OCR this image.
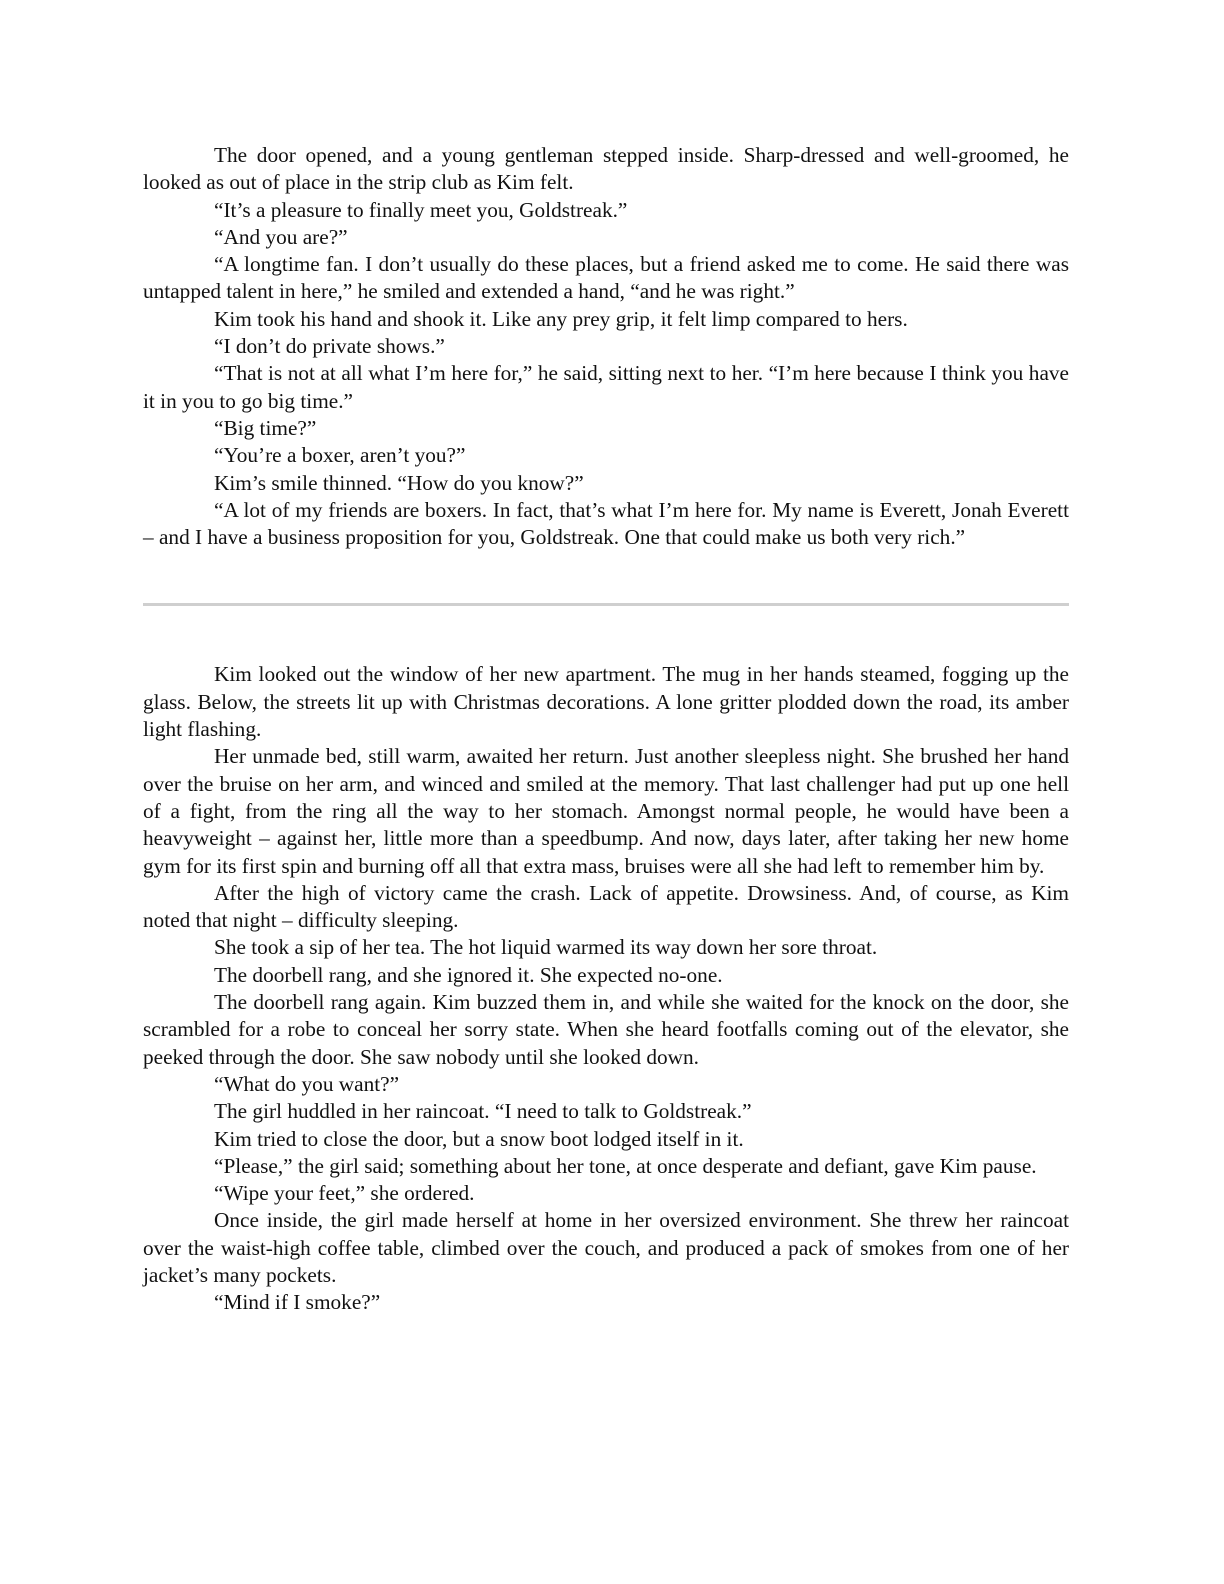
The door opened, and a young gentleman stepped inside. Sharp-dressed and well-groomed, he looked as out of place in the strip club as Kim felt.

“It’s a pleasure to finally meet you, Goldstreak.”

“And you are?”

“A longtime fan. I don’t usually do these places, but a friend asked me to come. He said there was untapped talent in here,” he smiled and extended a hand, “and he was right.”

Kim took his hand and shook it. Like any prey grip, it felt limp compared to hers.

“I don’t do private shows.”

“That is not at all what I’m here for,” he said, sitting next to her. “I’m here because I think you have it in you to go big time.”

“Big time?”

“You’re a boxer, aren’t you?”

Kim’s smile thinned. “How do you know?”

“A lot of my friends are boxers. In fact, that’s what I’m here for. My name is Everett, Jonah Everett – and I have a business proposition for you, Goldstreak. One that could make us both very rich.”

Kim looked out the window of her new apartment. The mug in her hands steamed, fogging up the glass. Below, the streets lit up with Christmas decorations. A lone gritter plodded down the road, its amber light flashing.

Her unmade bed, still warm, awaited her return. Just another sleepless night. She brushed her hand over the bruise on her arm, and winced and smiled at the memory. That last challenger had put up one hell of a fight, from the ring all the way to her stomach. Amongst normal people, he would have been a heavyweight – against her, little more than a speedbump. And now, days later, after taking her new home gym for its first spin and burning off all that extra mass, bruises were all she had left to remember him by.

After the high of victory came the crash. Lack of appetite. Drowsiness. And, of course, as Kim noted that night – difficulty sleeping.

She took a sip of her tea. The hot liquid warmed its way down her sore throat.

The doorbell rang, and she ignored it. She expected no-one.

The doorbell rang again. Kim buzzed them in, and while she waited for the knock on the door, she scrambled for a robe to conceal her sorry state. When she heard footfalls coming out of the elevator, she peeked through the door. She saw nobody until she looked down.

“What do you want?”

The girl huddled in her raincoat. “I need to talk to Goldstreak.”

Kim tried to close the door, but a snow boot lodged itself in it.

“Please,” the girl said; something about her tone, at once desperate and defiant, gave Kim pause.

“Wipe your feet,” she ordered.

Once inside, the girl made herself at home in her oversized environment. She threw her raincoat over the waist-high coffee table, climbed over the couch, and produced a pack of smokes from one of her jacket’s many pockets.

“Mind if I smoke?”
